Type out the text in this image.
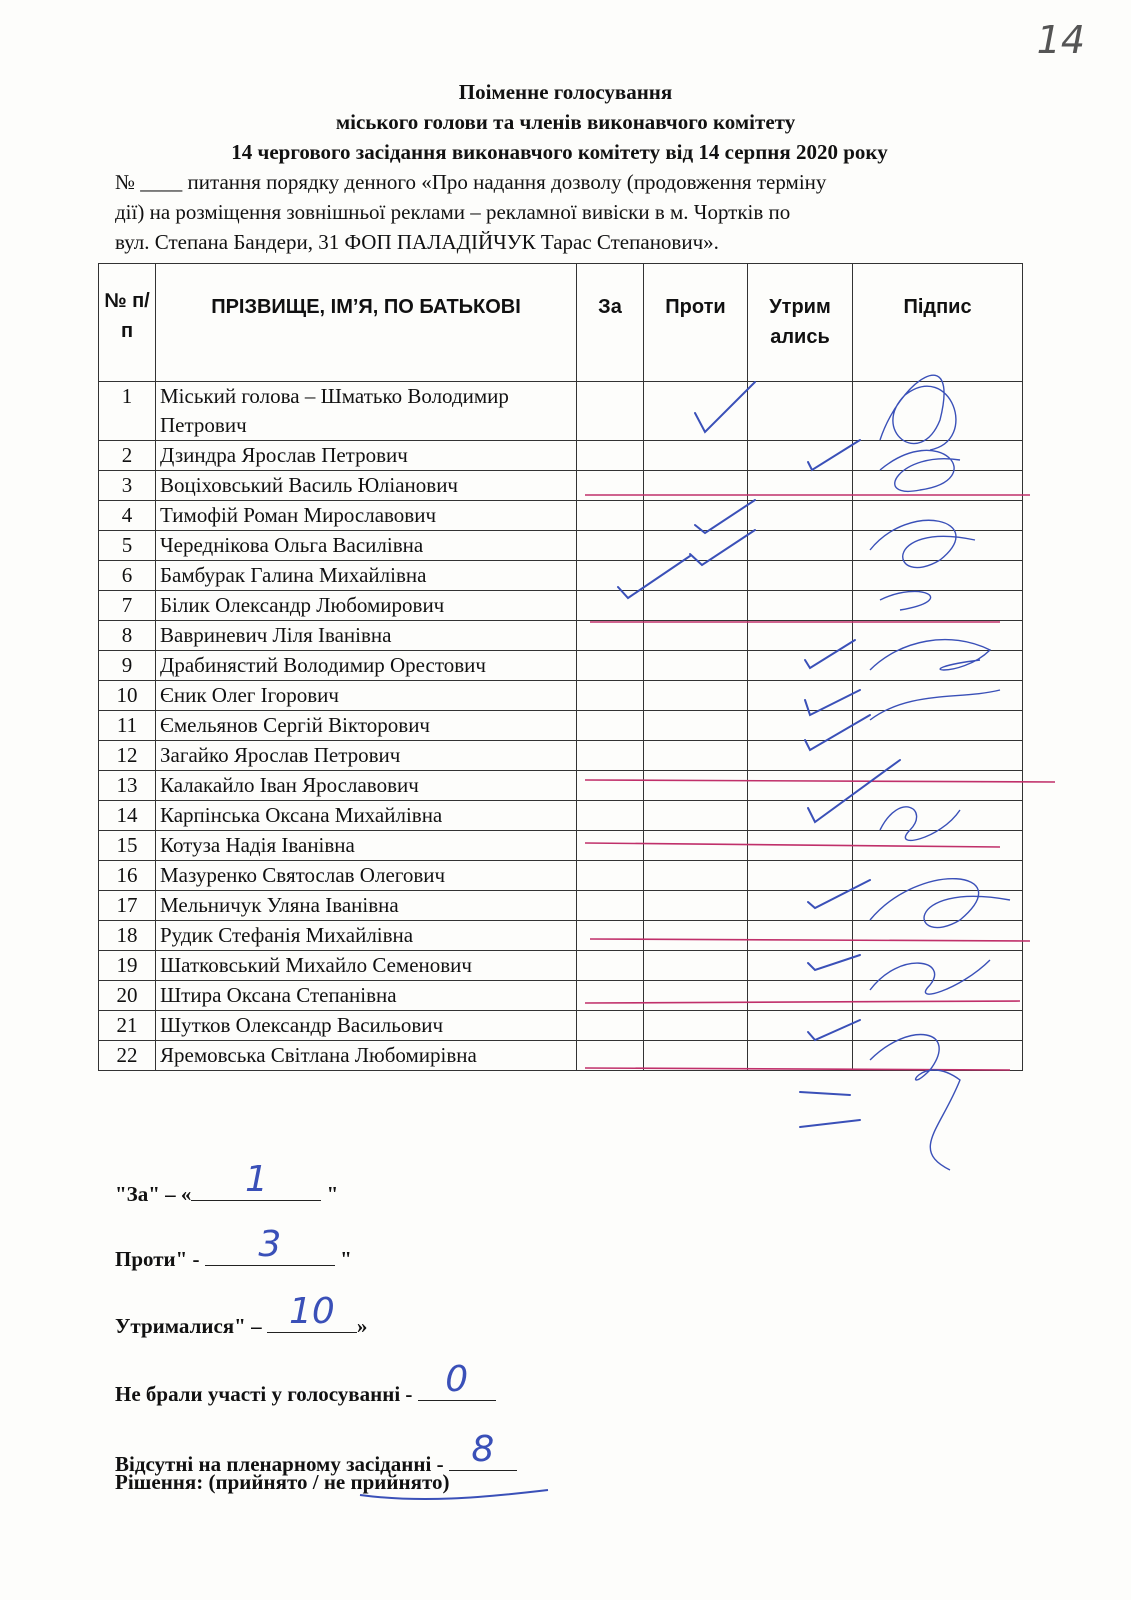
14
Поіменне голосування
міського голови та членів виконавчого комітету
14 чергового засідання виконавчого комітету від 14 серпня 2020 року
№ ____ питання порядку денного «Про надання дозволу (продовження терміну
дії) на розміщення зовнішньої реклами – рекламної вивіски в м. Чортків по
вул. Степана Бандери, 31 ФОП ПАЛАДІЙЧУК Тарас Степанович».
№ п/п	ПРІЗВИЩЕ, ІМ’Я, ПО БАТЬКОВІ	За	Проти	Утрим ались	Підпис
1	Міський голова – Шматько Володимир Петрович				
2	Дзиндра Ярослав Петрович				
3	Воціховський Василь Юліанович				
4	Тимофій Роман Мирославович				
5	Череднікова Ольга Василівна				
6	Бамбурак Галина Михайлівна				
7	Білик Олександр Любомирович				
8	Вавриневич Ліля Іванівна				
9	Драбинястий Володимир Орестович				
10	Єник Олег Ігорович				
11	Ємельянов Сергій Вікторович				
12	Загайко Ярослав Петрович				
13	Калакайло Іван Ярославович				
14	Карпінська Оксана Михайлівна				
15	Котуза Надія Іванівна				
16	Мазуренко Святослав Олегович				
17	Мельничук Уляна Іванівна				
18	Рудик Стефанія Михайлівна				
19	Шатковський Михайло Семенович				
20	Штира Оксана Степанівна				
21	Шутков Олександр Васильович				
22	Яремовська Світлана Любомирівна				
"За" – «	1	"
Проти" -	3	"
Утрималися" – 10	»
Не брали участі у голосуванні - 0
Відсутні на пленарному засіданні - 8
Рішення: (прийнято / не прийнято)
